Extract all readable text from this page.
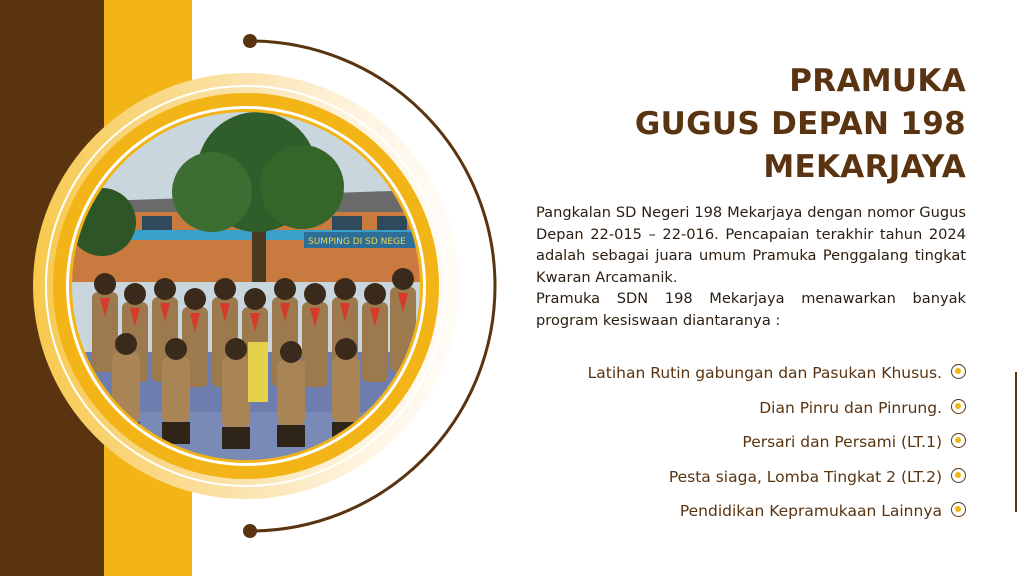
SUMPING DI SD NEGE
PRAMUKA
GUGUS DEPAN 198
MEKARJAYA

Pangkalan SD Negeri 198 Mekarjaya dengan nomor Gugus Depan 22-015 – 22-016. Pencapaian terakhir tahun 2024 adalah sebagai juara umum Pramuka Penggalang tingkat Kwaran Arcamanik.

Pramuka SDN 198 Mekarjaya menawarkan banyak program kesiswaan diantaranya :

Latihan Rutin gabungan dan Pasukan Khusus.
Dian Pinru dan Pinrung.
Persari dan Persami (LT.1)
Pesta siaga, Lomba Tingkat 2 (LT.2)
Pendidikan Kepramukaan Lainnya
